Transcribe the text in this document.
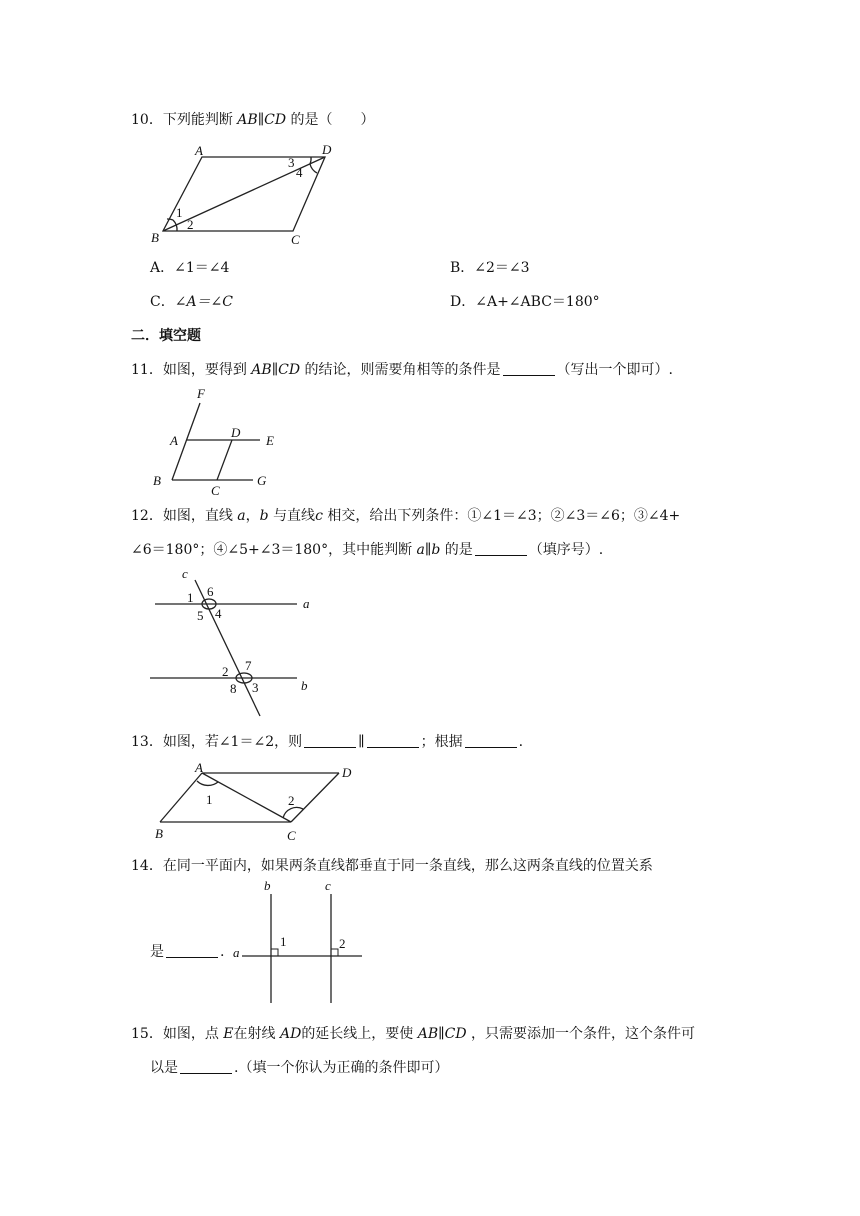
10．下列能判断 AB∥CD 的是（　　）
A	D
B	C
1
2
3
4
A．∠1＝∠4	B．∠2＝∠3
C．∠A＝∠C	D．∠A+∠ABC＝180°
二．填空题
11．如图，要得到 AB∥CD 的结论，则需要角相等的条件是	（写出一个即可）.
F
A
D
E
B
C
G
12．如图，直线 a，b 与直线c 相交，给出下列条件：①∠1＝∠3；②∠3＝∠6；③∠4+
∠6＝180°；④∠5+∠3＝180°，其中能判断 a∥b 的是	（填序号）.
c
a
b
1 6
5 4
2 7
8 3
13．如图，若∠1＝∠2，则	∥	；根据	.
A	D
B	C
1	2
14．在同一平面内，如果两条直线都垂直于同一条直线，那么这两条直线的位置关系
是	. a
b	c
1	2
15．如图，点 E在射线 AD的延长线上，要使 AB∥CD ，只需要添加一个条件，这个条件可
以是	.（填一个你认为正确的条件即可）
